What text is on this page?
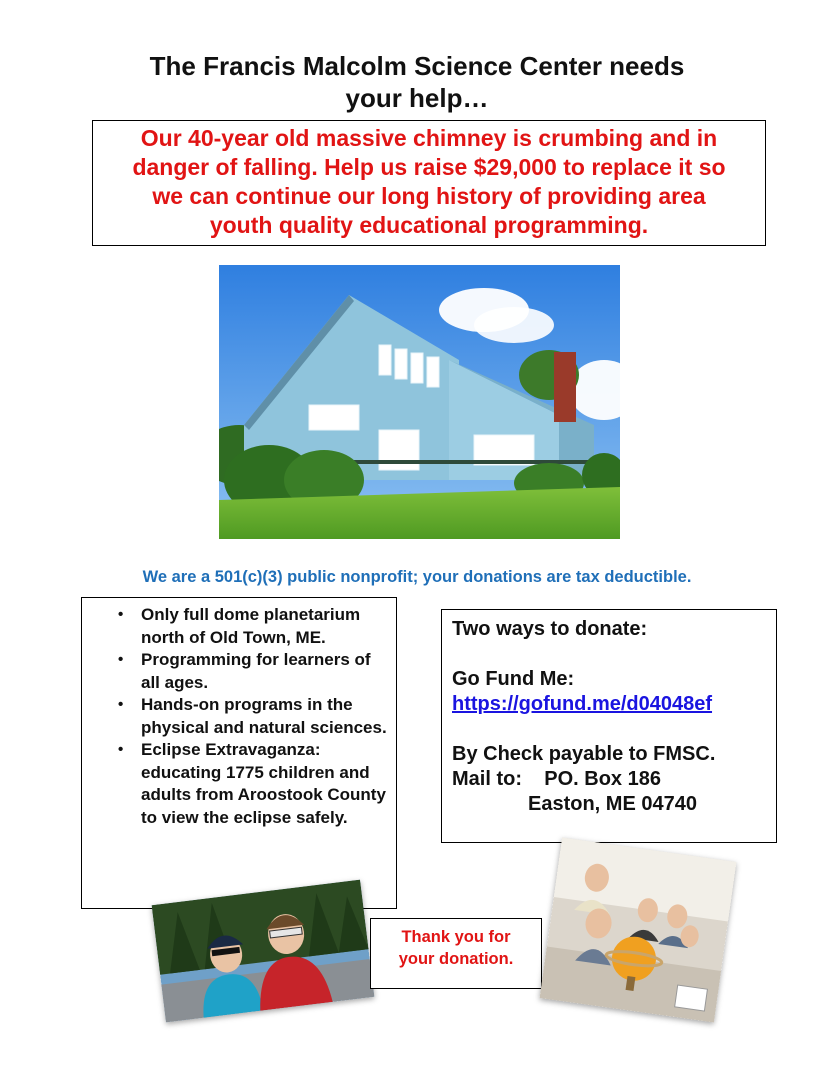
The Francis Malcolm Science Center needs
your help…
Our 40-year old massive chimney is crumbing and in
danger of falling. Help us raise $29,000 to replace it so
we can continue our long history of providing area
youth quality educational programming.
We are a 501(c)(3) public nonprofit; your donations are tax deductible.
• Only full dome planetarium north of Old Town, ME.
• Programming for learners of all ages.
• Hands-on programs in the physical and natural sciences.
• Eclipse Extravaganza: educating 1775 children and adults from Aroostook County to view the eclipse safely.
Two ways to donate:
Go Fund Me:
https://gofund.me/d04048ef
By Check payable to FMSC.
Mail to: PO. Box 186
Easton, ME 04740
Thank you for
your donation.
